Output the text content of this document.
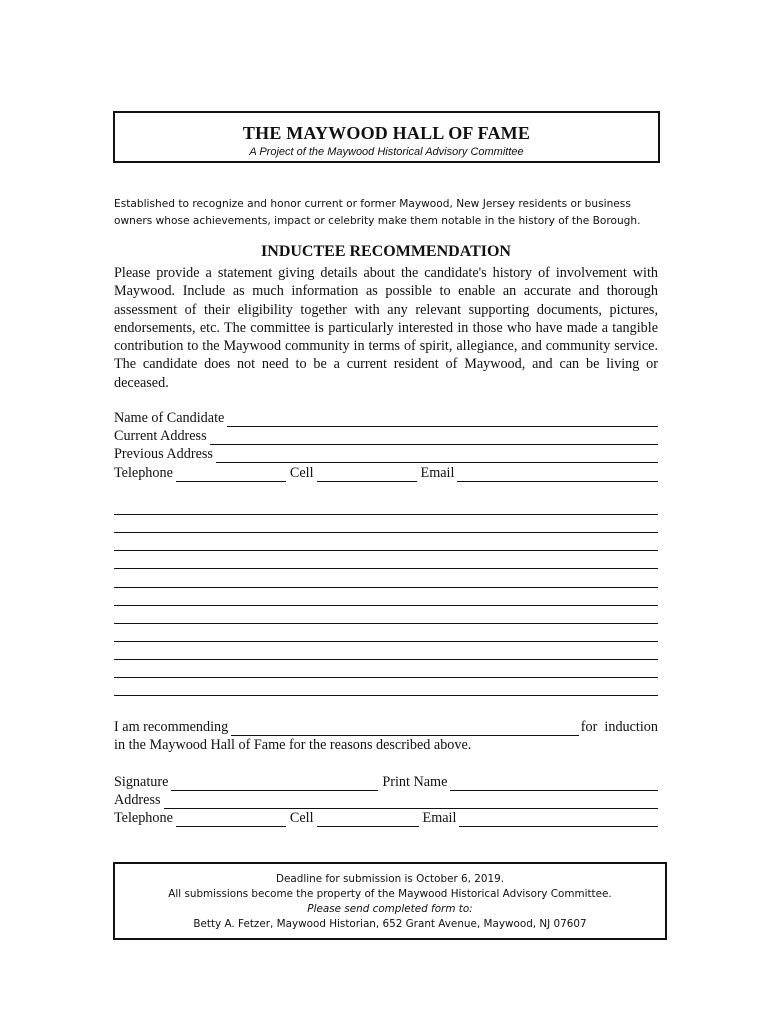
THE MAYWOOD HALL OF FAME
A Project of the Maywood Historical Advisory Committee
Established to recognize and honor current or former Maywood, New Jersey residents or business owners whose achievements, impact or celebrity make them notable in the history of the Borough.
INDUCTEE RECOMMENDATION
Please provide a statement giving details about the candidate's history of involvement with Maywood. Include as much information as possible to enable an accurate and thorough assessment of their eligibility together with any relevant supporting documents, pictures, endorsements, etc. The committee is particularly interested in those who have made a tangible contribution to the Maywood community in terms of spirit, allegiance, and community service. The candidate does not need to be a current resident of Maywood, and can be living or deceased.
Name of Candidate
Current Address
Previous Address
Telephone	Cell	Email
I am recommending	for  induction
in the Maywood Hall of Fame for the reasons described above.
Signature	Print Name
Address
Telephone	Cell	Email
Deadline for submission is October 6, 2019.
All submissions become the property of the Maywood Historical Advisory Committee.
Please send completed form to:
Betty A. Fetzer, Maywood Historian, 652 Grant Avenue, Maywood, NJ 07607
